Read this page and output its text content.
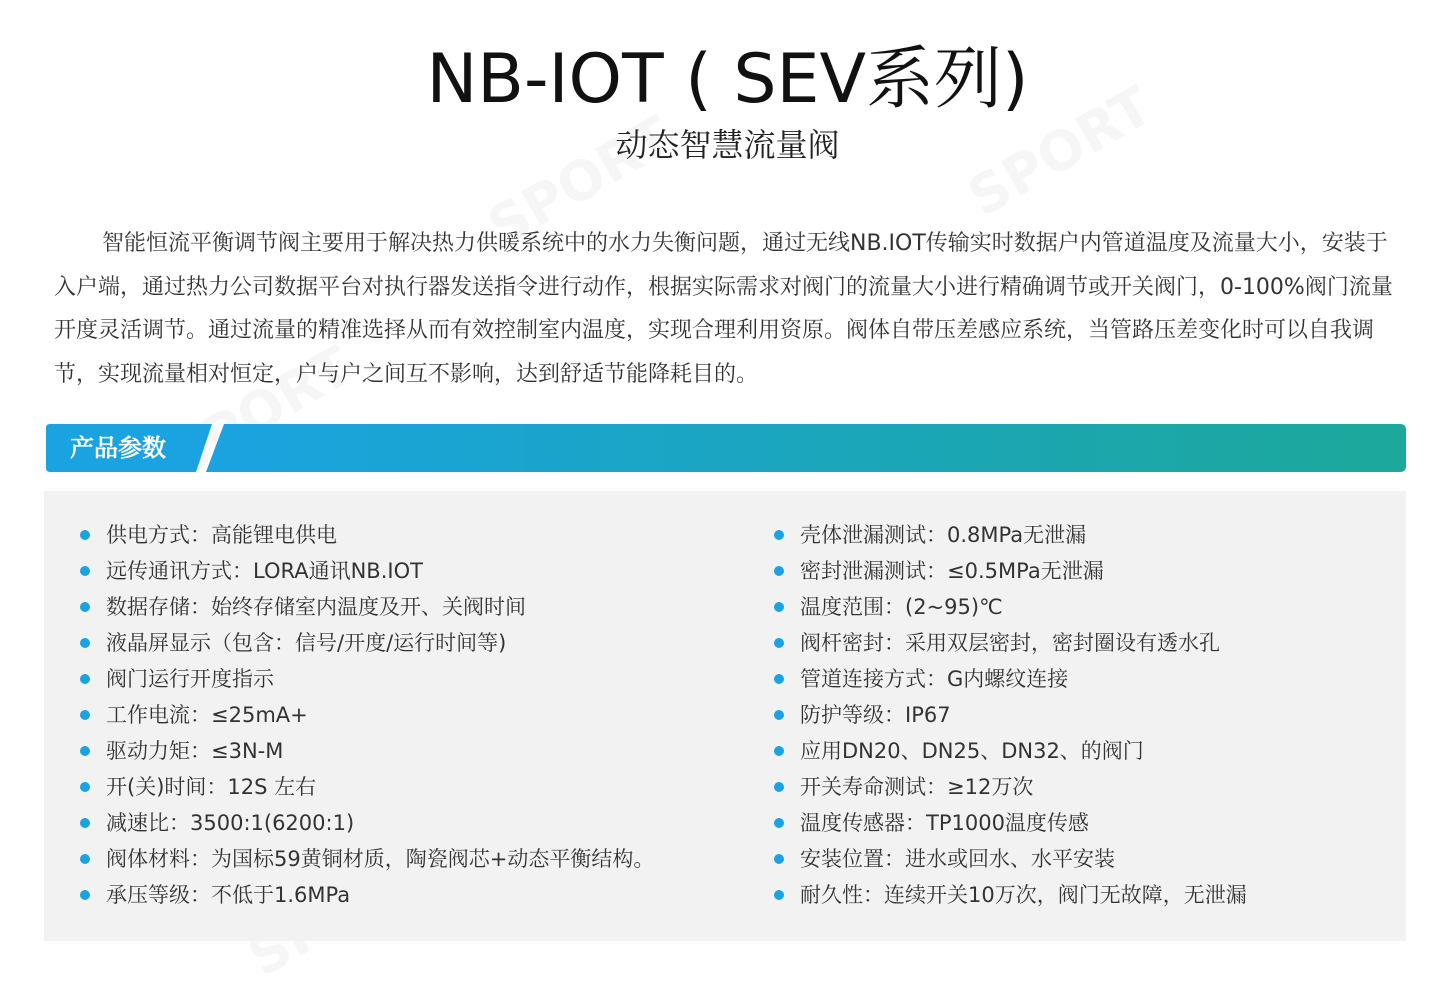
NB-IOT ( SEV系列)
动态智慧流量阀

智能恒流平衡调节阀主要用于解决热力供暖系统中的水力失衡问题，通过无线NB.IOT传输实时数据户内管道温度及流量大小，安装于入户端，通过热力公司数据平台对执行器发送指令进行动作，根据实际需求对阀门的流量大小进行精确调节或开关阀门，0-100%阀门流量开度灵活调节。通过流量的精准选择从而有效控制室内温度，实现合理利用资原。阀体自带压差感应系统，当管路压差变化时可以自我调节，实现流量相对恒定，户与户之间互不影响，达到舒适节能降耗目的。

产品参数
供电方式：高能锂电供电
远传通讯方式：LORA通讯NB.IOT
数据存储：始终存储室内温度及开、关阀时间
液晶屏显示（包含：信号/开度/运行时间等)
阀门运行开度指示
工作电流：≤25mA+
驱动力矩：≤3N-M
开(关)时间：12S 左右
减速比：3500:1(6200:1)
阀体材料：为国标59黄铜材质，陶瓷阀芯+动态平衡结构。
承压等级：不低于1.6MPa
壳体泄漏测试：0.8MPa无泄漏
密封泄漏测试：≤0.5MPa无泄漏
温度范围：(2~95)℃
阀杆密封：采用双层密封，密封圈设有透水孔
管道连接方式：G内螺纹连接
防护等级：IP67
应用DN20、DN25、DN32、的阀门
开关寿命测试：≥12万次
温度传感器：TP1000温度传感
安装位置：进水或回水、水平安装
耐久性：连续开关10万次，阀门无故障，无泄漏
